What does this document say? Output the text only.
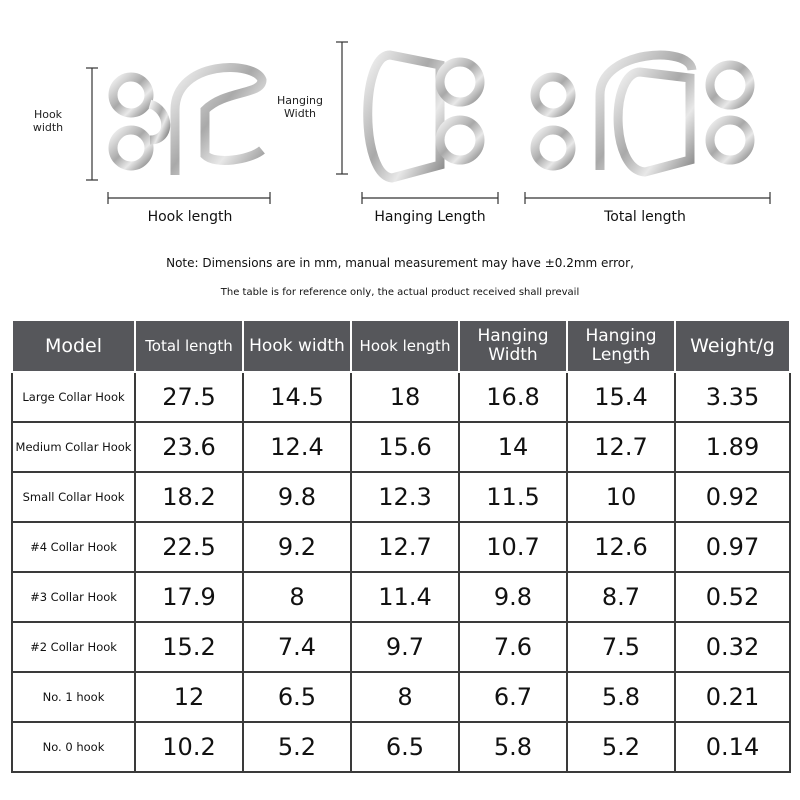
Hook
width
Hook length
Hanging
Width
Hanging Length	Total length
Note: Dimensions are in mm, manual measurement may have ±0.2mm error,
The table is for reference only, the actual product received shall prevail
Model	Total length	Hook width	Hook length	Hanging Width	Hanging Length	Weight/g
Large Collar Hook	27.5	14.5	18	16.8	15.4	3.35
Medium Collar Hook	23.6	12.4	15.6	14	12.7	1.89
Small Collar Hook	18.2	9.8	12.3	11.5	10	0.92
#4 Collar Hook	22.5	9.2	12.7	10.7	12.6	0.97
#3 Collar Hook	17.9	8	11.4	9.8	8.7	0.52
#2 Collar Hook	15.2	7.4	9.7	7.6	7.5	0.32
No. 1 hook	12	6.5	8	6.7	5.8	0.21
No. 0 hook	10.2	5.2	6.5	5.8	5.2	0.14
